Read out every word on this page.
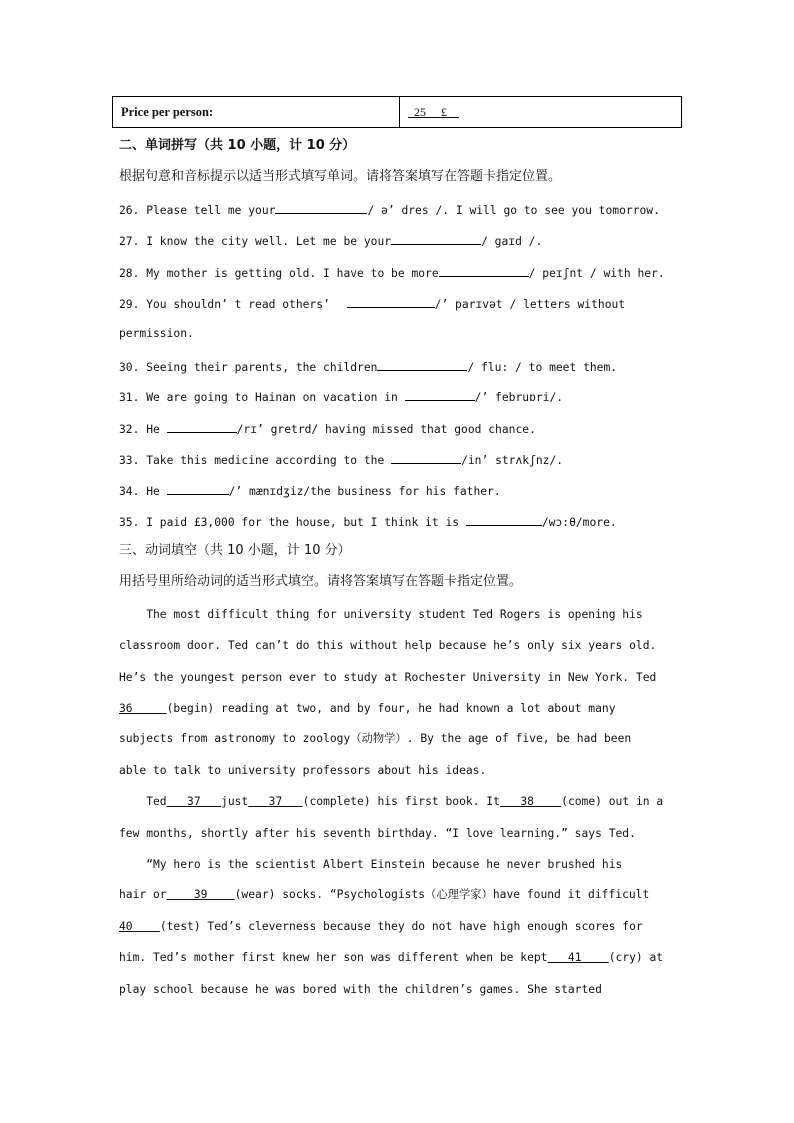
Price per person:	25     £
二、单词拼写（共 10 小题，计 10 分）
根据句意和音标提示以适当形式填写单词。请将答案填写在答题卡指定位置。
26. Please tell me your	/ ə’ dres /. I will go to see you tomorrow.
27. I know the city well. Let me be your	/ gaɪd /.
28. My mother is getting old. I have to be more	/ peɪʃnt / with her.
29. You shouldn’ t read others’	/’ parɪvət / letters without
permission.
30. Seeing their parents, the children	/ flu: / to meet them.
31. We are going to Hainan on vacation in	/’ februɒri/.
32. He	/rɪ’ gretrd/ having missed that good chance.
33. Take this medicine according to the	/in’ strʌkʃnz/.
34. He	/’ mænɪdʒiz/the business for his father.
35. I paid £3,000 for the house, but I think it is	/wɔ:θ/more.
三、动词填空（共 10 小题，计 10 分）
用括号里所给动词的适当形式填空。请将答案填写在答题卡指定位置。
The most difficult thing for university student Ted Rogers is opening his
classroom door. Ted can’t do this without help because he’s only six years old.
He’s the youngest person ever to study at Rochester University in New York. Ted
36     (begin) reading at two, and by four, he had known a lot about many
subjects from astronomy to zoology（动物学）. By the age of five, be had been
able to talk to university professors about his ideas.
Ted   37   just   37   (complete) his first book. It   38    (come) out in a
few months, shortly after his seventh birthday. “I love learning.” says Ted.
“My hero is the scientist Albert Einstein because he never brushed his
hair or    39    (wear) socks. “Psychologists（心理学家）have found it difficult
40    (test) Ted’s cleverness because they do not have high enough scores for
him. Ted’s mother first knew her son was different when be kept   41    (cry) at
play school because he was bored with the children’s games. She started
